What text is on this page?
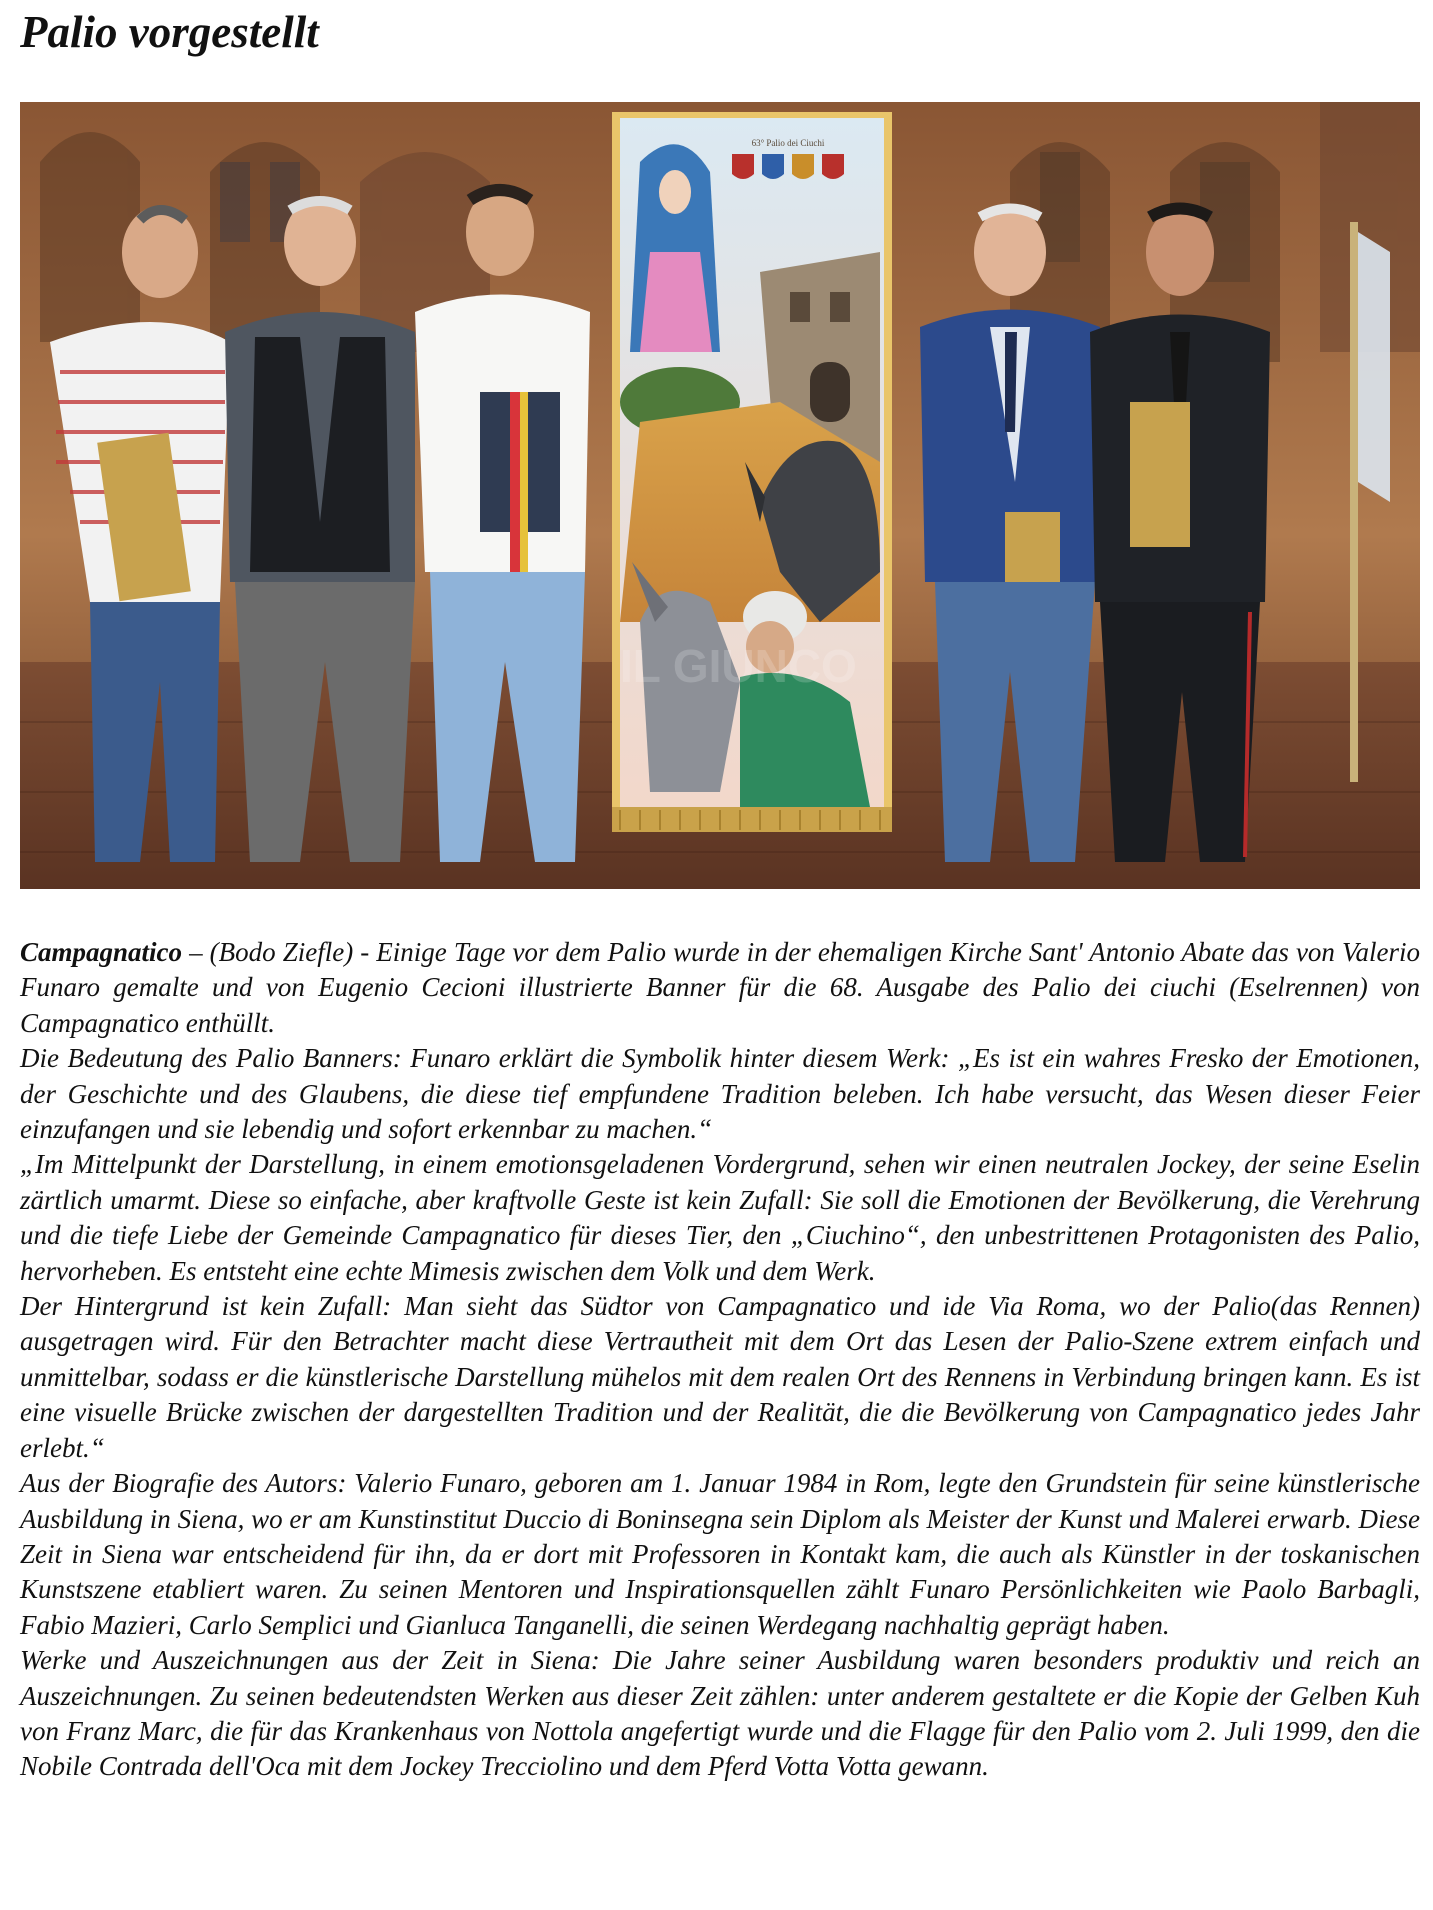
Palio vorgestellt
63° Palio dei Ciuchi
IL GIUNCO

Campagnatico – (Bodo Ziefle) - Einige Tage vor dem Palio wurde in der ehemaligen Kirche Sant' Antonio Abate das von Valerio Funaro gemalte und von Eugenio Cecioni illustrierte Banner für die 68. Ausgabe des Palio dei ciuchi (Eselrennen) von Campagnatico enthüllt.

Die Bedeutung des Palio Banners: Funaro erklärt die Symbolik hinter diesem Werk: „Es ist ein wahres Fresko der Emotionen, der Geschichte und des Glaubens, die diese tief empfundene Tradition beleben. Ich habe versucht, das Wesen dieser Feier einzufangen und sie lebendig und sofort erkennbar zu machen.“

„Im Mittelpunkt der Darstellung, in einem emotionsgeladenen Vordergrund, sehen wir einen neutralen Jockey, der seine Eselin zärtlich umarmt. Diese so einfache, aber kraftvolle Geste ist kein Zufall: Sie soll die Emotionen der Bevölkerung, die Verehrung und die tiefe Liebe der Gemeinde Campagnatico für dieses Tier, den „Ciuchino“, den unbestrittenen Protagonisten des Palio, hervorheben. Es entsteht eine echte Mimesis zwischen dem Volk und dem Werk.

Der Hintergrund ist kein Zufall: Man sieht das Südtor von Campagnatico und ide Via Roma, wo der Palio(das Rennen) ausgetragen wird. Für den Betrachter macht diese Vertrautheit mit dem Ort das Lesen der Palio-Szene extrem einfach und unmittelbar, sodass er die künstlerische Darstellung mühelos mit dem realen Ort des Rennens in Verbindung bringen kann. Es ist eine visuelle Brücke zwischen der dargestellten Tradition und der Realität, die die Bevölkerung von Campagnatico jedes Jahr erlebt.“

Aus der Biografie des Autors: Valerio Funaro, geboren am 1. Januar 1984 in Rom, legte den Grundstein für seine künstlerische Ausbildung in Siena, wo er am Kunstinstitut Duccio di Boninsegna sein Diplom als Meister der Kunst und Malerei erwarb. Diese Zeit in Siena war entscheidend für ihn, da er dort mit Professoren in Kontakt kam, die auch als Künstler in der toskanischen Kunstszene etabliert waren. Zu seinen Mentoren und Inspirationsquellen zählt Funaro Persönlichkeiten wie Paolo Barbagli, Fabio Mazieri, Carlo Semplici und Gianluca Tanganelli, die seinen Werdegang nachhaltig geprägt haben.

Werke und Auszeichnungen aus der Zeit in Siena: Die Jahre seiner Ausbildung waren besonders produktiv und reich an Auszeichnungen. Zu seinen bedeutendsten Werken aus dieser Zeit zählen: unter anderem gestaltete er die Kopie der Gelben Kuh von Franz Marc, die für das Krankenhaus von Nottola angefertigt wurde und die Flagge für den Palio vom 2. Juli 1999, den die Nobile Contrada dell'Oca mit dem Jockey Trecciolino und dem Pferd Votta Votta gewann.
